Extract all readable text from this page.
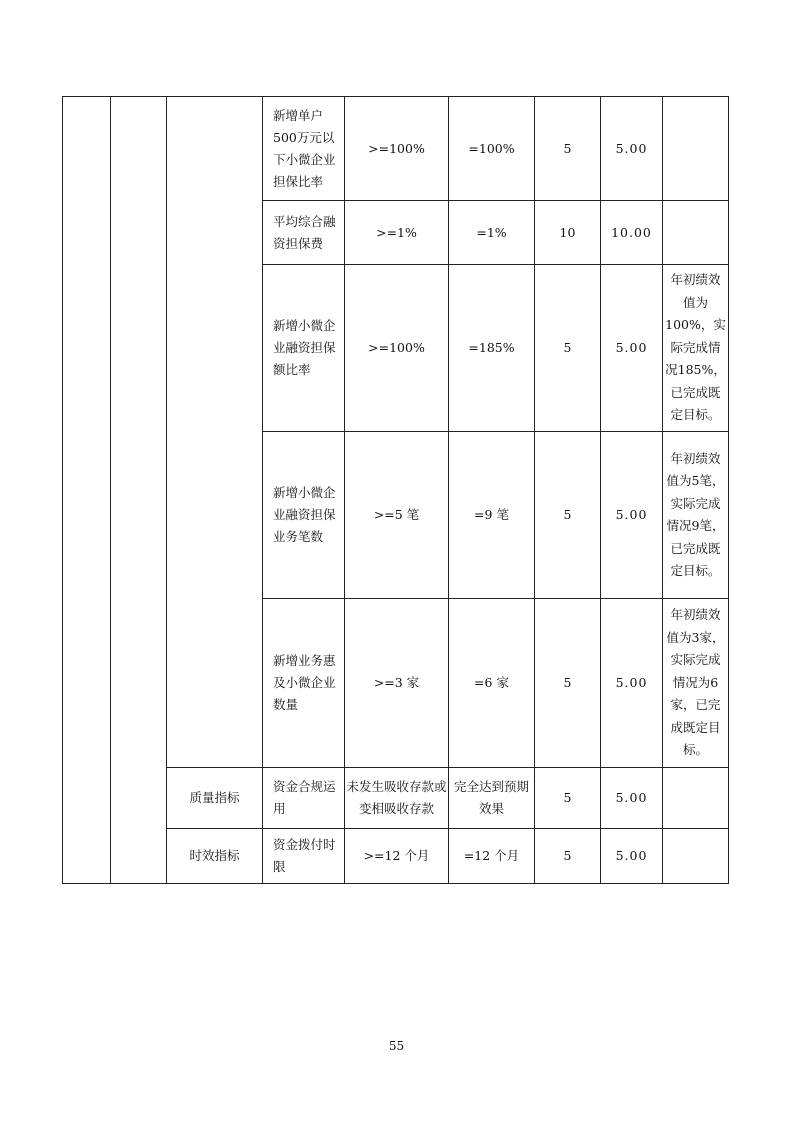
			新增单户500万元以下小微企业担保比率	>=100%	=100%	5	5.00	
			平均综合融资担保费	>=1%	=1%	10	10.00	
			新增小微企业融资担保额比率	>=100%	=185%	5	5.00	年初绩效值为100%，实际完成情况185%，已完成既定目标。
			新增小微企业融资担保业务笔数	>=5 笔	=9 笔	5	5.00	年初绩效值为5笔，实际完成情况9笔，已完成既定目标。
			新增业务惠及小微企业数量	>=3 家	=6 家	5	5.00	年初绩效值为3家，实际完成情况为6家，已完成既定目标。
		质量指标	资金合规运用	未发生吸收存款或变相吸收存款	完全达到预期效果	5	5.00	
		时效指标	资金拨付时限	>=12 个月	=12 个月	5	5.00	
55
